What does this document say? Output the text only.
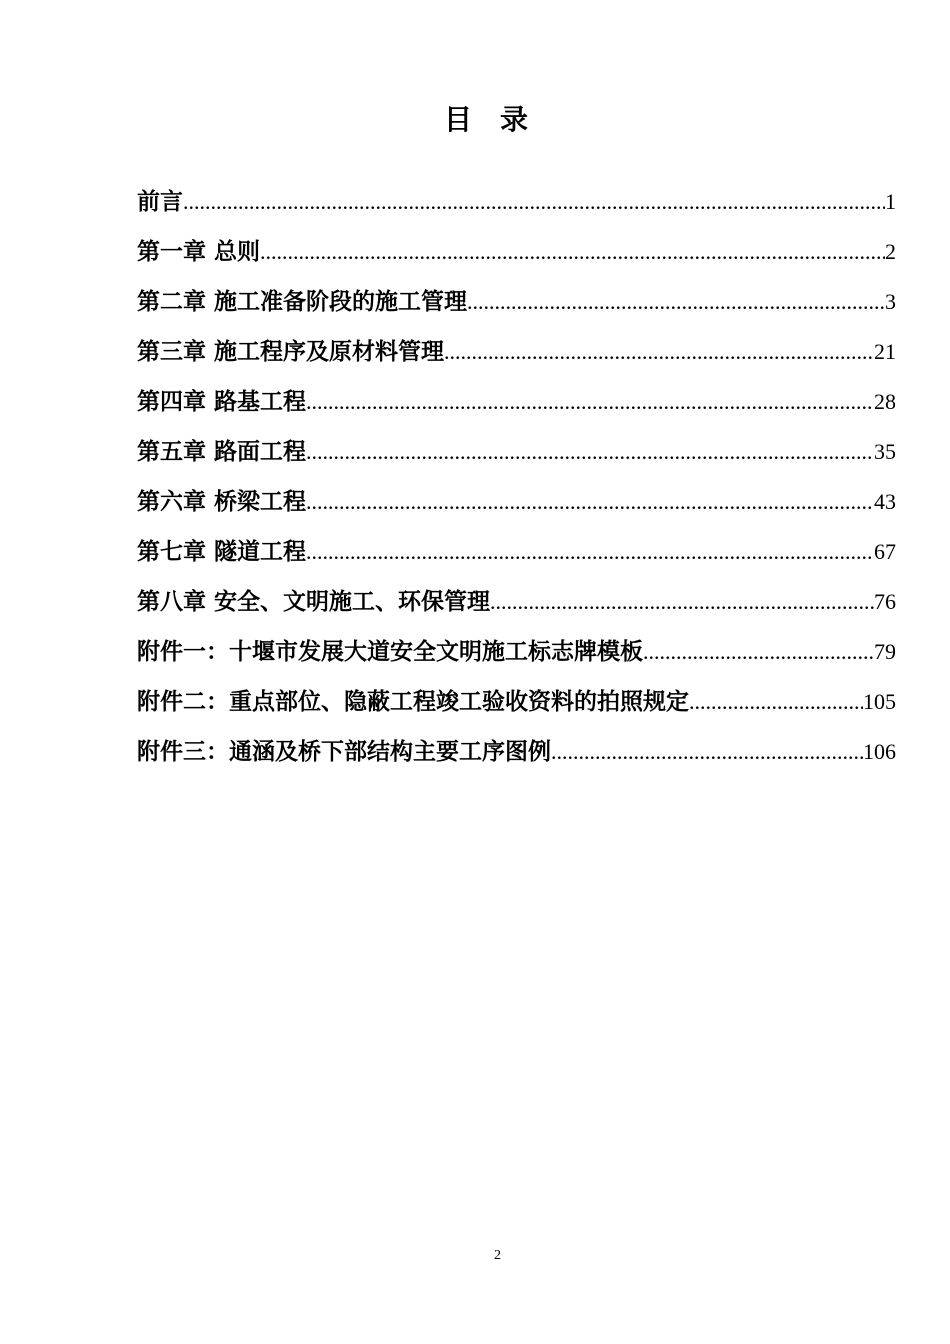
目录
前言 .....	1
第一章 总则 .....	2
第二章 施工准备阶段的施工管理 .....	3
第三章 施工程序及原材料管理 .....	21
第四章 路基工程 .....	28
第五章 路面工程 .....	35
第六章 桥梁工程 .....	43
第七章 隧道工程 .....	67
第八章 安全、文明施工、环保管理 .....	76
附件一：十堰市发展大道安全文明施工标志牌模板 .....	79
附件二：重点部位、隐蔽工程竣工验收资料的拍照规定 .....	105
附件三：通涵及桥下部结构主要工序图例 .....	106
2
